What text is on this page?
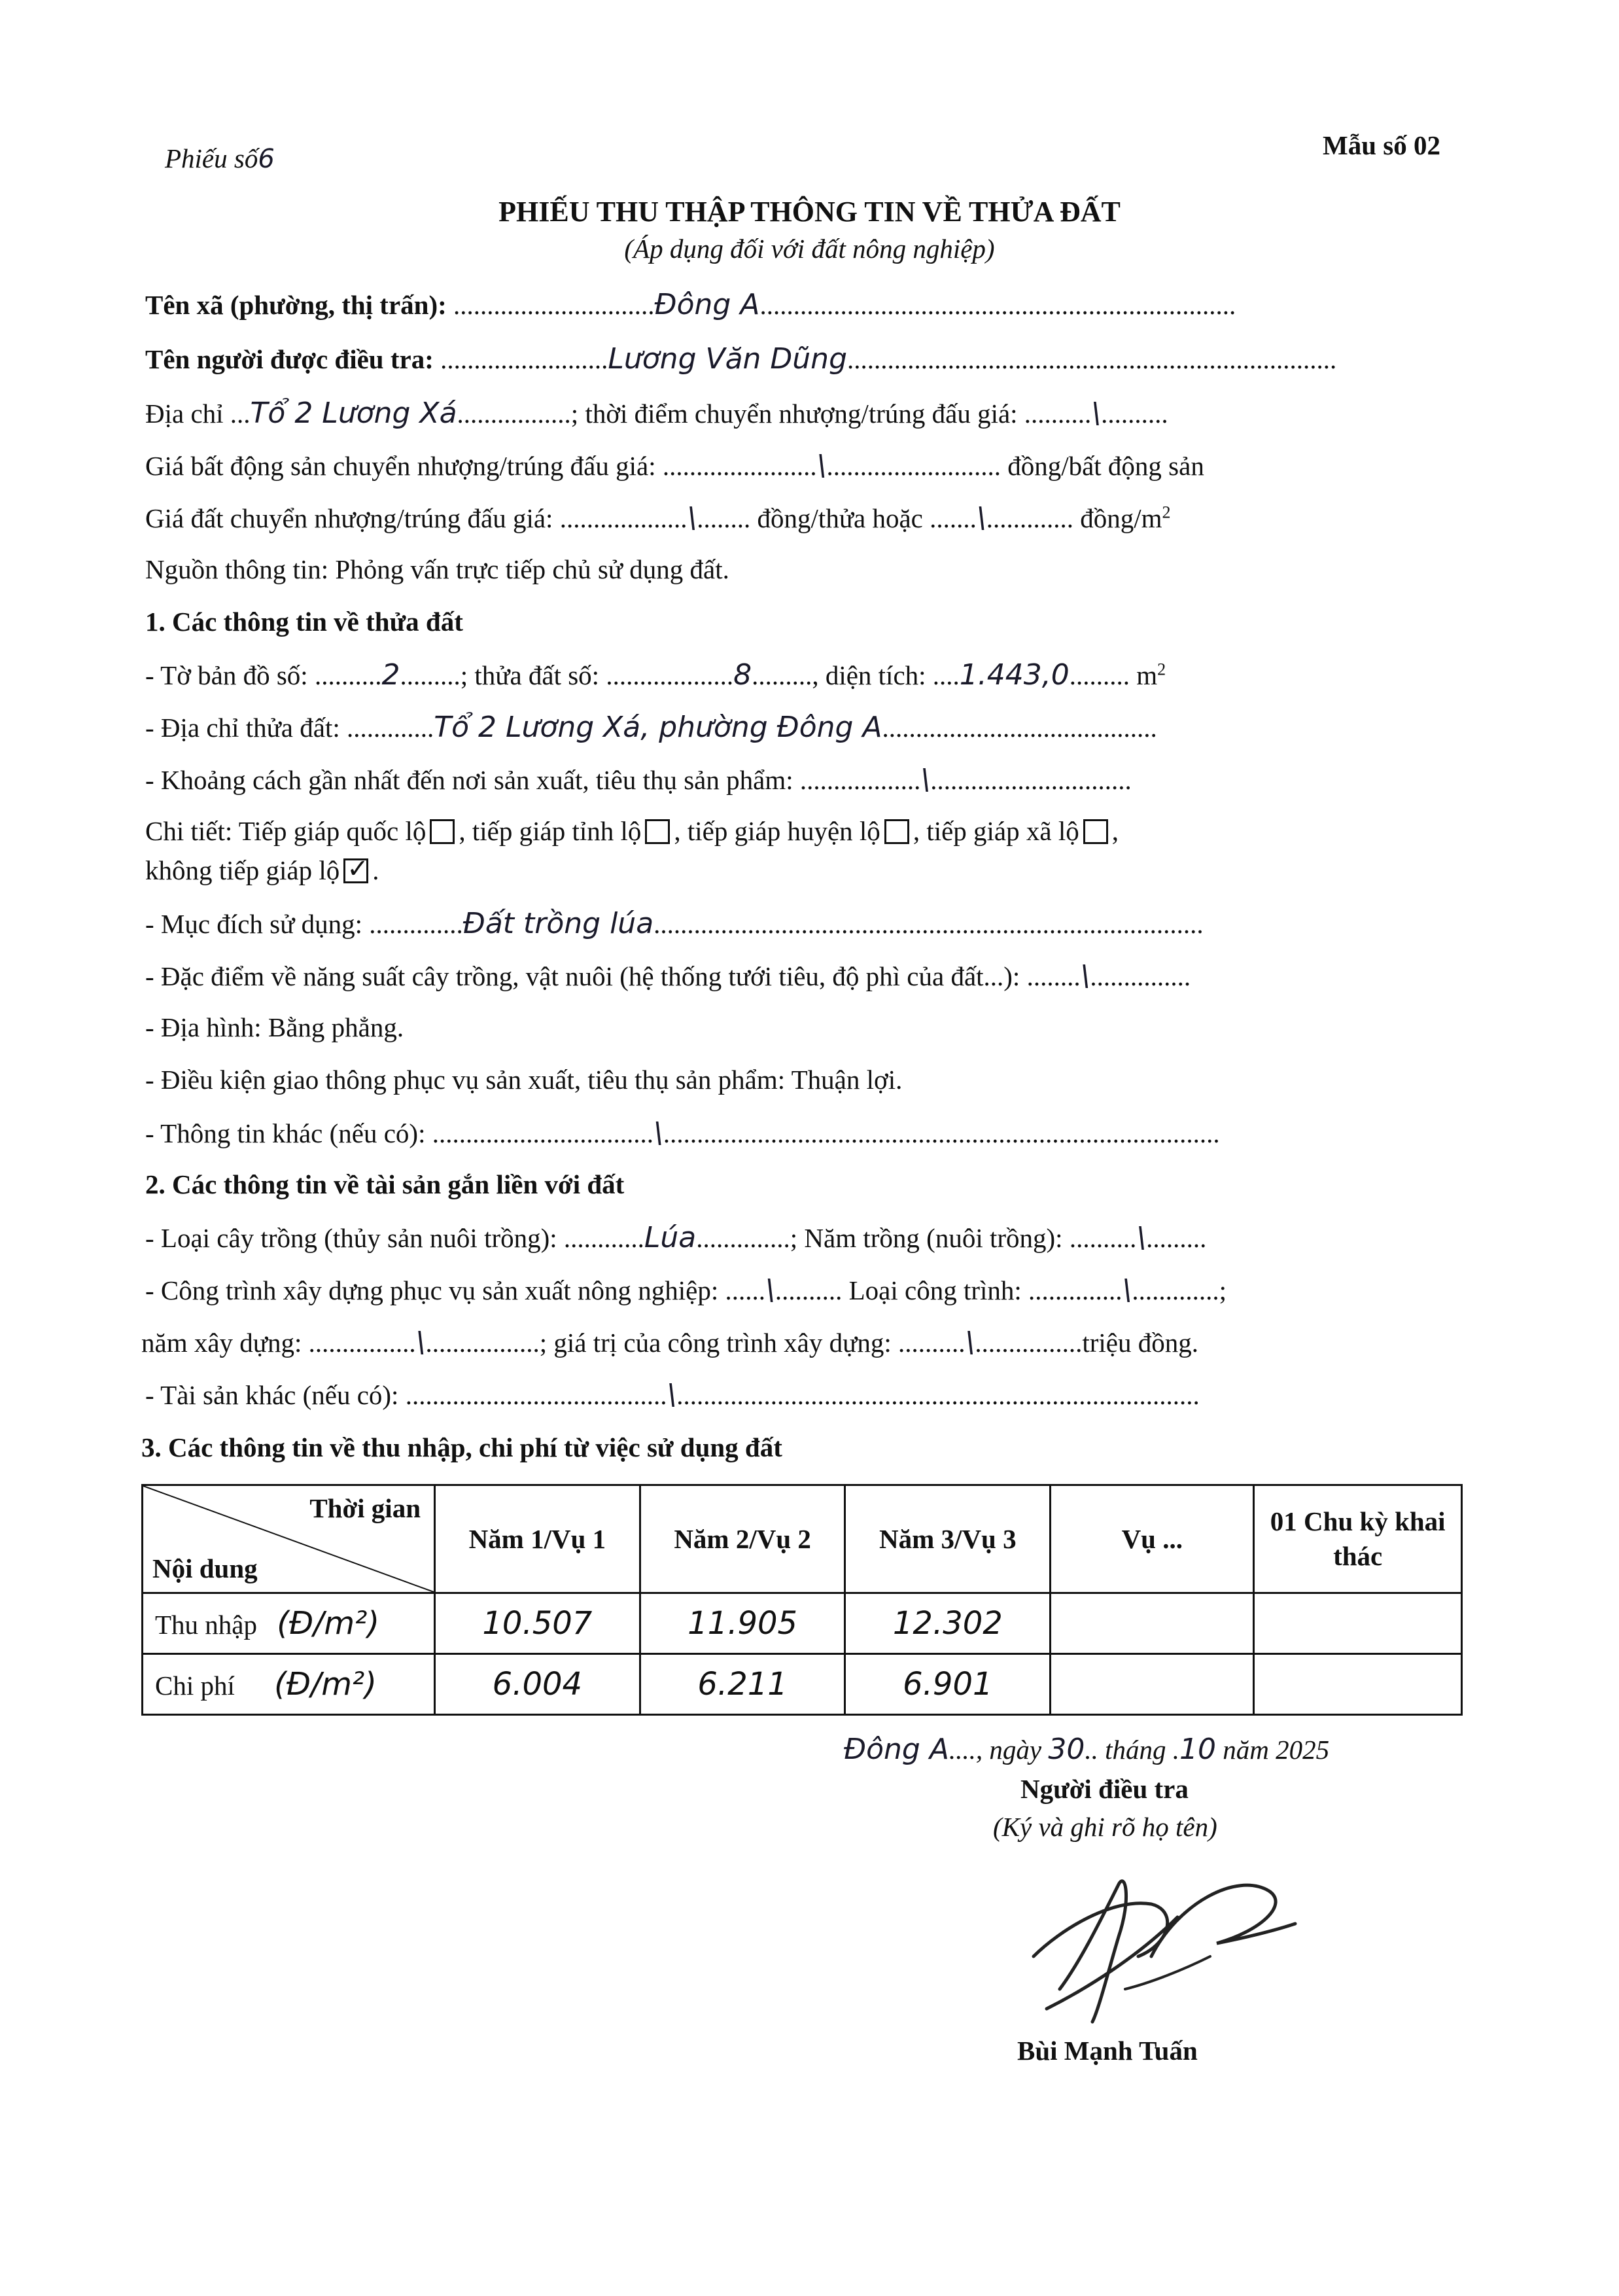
Phiếu số6	Mẫu số 02
PHIẾU THU THẬP THÔNG TIN VỀ THỬA ĐẤT
(Áp dụng đối với đất nông nghiệp)
Tên xã (phường, thị trấn): ..............................Đông A.......................................................................
Tên người được điều tra: .........................Lương Văn Dũng.........................................................................
Địa chỉ ...Tổ 2 Lương Xá.................; thời điểm chuyển nhượng/trúng đấu giá: ..........\..........
Giá bất động sản chuyển nhượng/trúng đấu giá: .......................\.......................... đồng/bất động sản
Giá đất chuyển nhượng/trúng đấu giá: ...................\........ đồng/thửa hoặc .......\............. đồng/$m^2$
Nguồn thông tin: Phỏng vấn trực tiếp chủ sử dụng đất.
1. Các thông tin về thửa đất
- Tờ bản đồ số: ..........2.........; thửa đất số: ...................8........., diện tích: ....1.443,0......... $m^2$
- Địa chỉ thửa đất: .............Tổ 2 Lương Xá, phường Đông A.........................................
- Khoảng cách gần nhất đến nơi sản xuất, tiêu thụ sản phẩm: ..................\..............................
Chi tiết: Tiếp giáp quốc lộ , tiếp giáp tỉnh lộ , tiếp giáp huyện lộ , tiếp giáp xã lộ ,
không tiếp giáp lộ ✓ .
- Mục đích sử dụng: ..............Đất trồng lúa..................................................................................
- Đặc điểm về năng suất cây trồng, vật nuôi (hệ thống tưới tiêu, độ phì của đất...): ........\...............
- Địa hình: Bằng phẳng.
- Điều kiện giao thông phục vụ sản xuất, tiêu thụ sản phẩm: Thuận lợi.
- Thông tin khác (nếu có): .................................\...................................................................................
2. Các thông tin về tài sản gắn liền với đất
- Loại cây trồng (thủy sản nuôi trồng): ............Lúa..............; Năm trồng (nuôi trồng): ..........\.........
- Công trình xây dựng phục vụ sản xuất nông nghiệp: ......\.......... Loại công trình: ..............\.............;
năm xây dựng: ................\.................; giá trị của công trình xây dựng: ..........\................triệu đồng.
- Tài sản khác (nếu có): .......................................\..............................................................................
3. Các thông tin về thu nhập, chi phí từ việc sử dụng đất
Thời gian
Nội dung	Năm 1/Vụ 1	Năm 2/Vụ 2	Năm 3/Vụ 3	Vụ ...	01 Chu kỳ khai thác
Thu nhập (Đ/m²)	10.507	11.905	12.302		
Chi phí (Đ/m²)	6.004	6.211	6.901		
Đông A...., ngày 30.. tháng .10 năm 2025
Người điều tra
(Ký và ghi rõ họ tên)
Bùi Mạnh Tuấn
